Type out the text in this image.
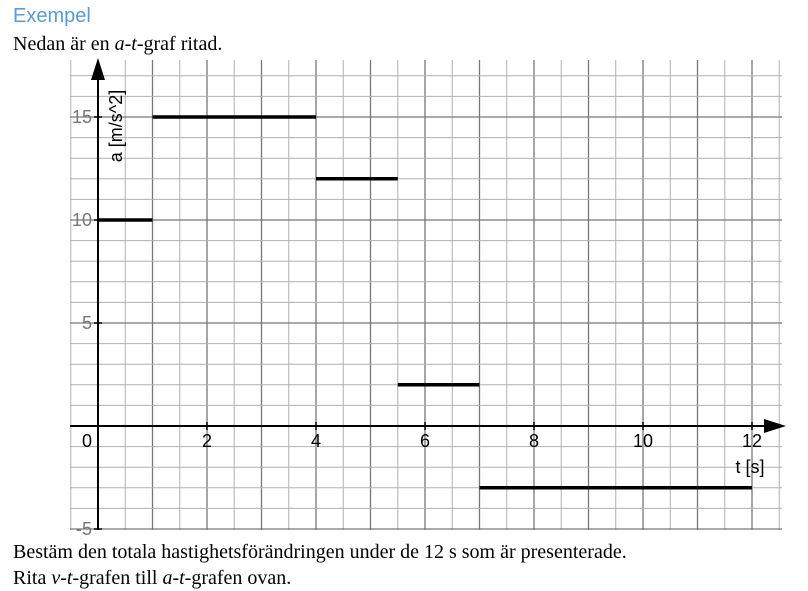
Exempel
Nedan är en a-t-graf ritad.
0	2	4	6	8	10	12
-5
5
10
15
t [s]
a [m/s^2]
Bestäm den totala hastighetsförändringen under de 12 s som är presenterade.
Rita v-t-grafen till a-t-grafen ovan.
